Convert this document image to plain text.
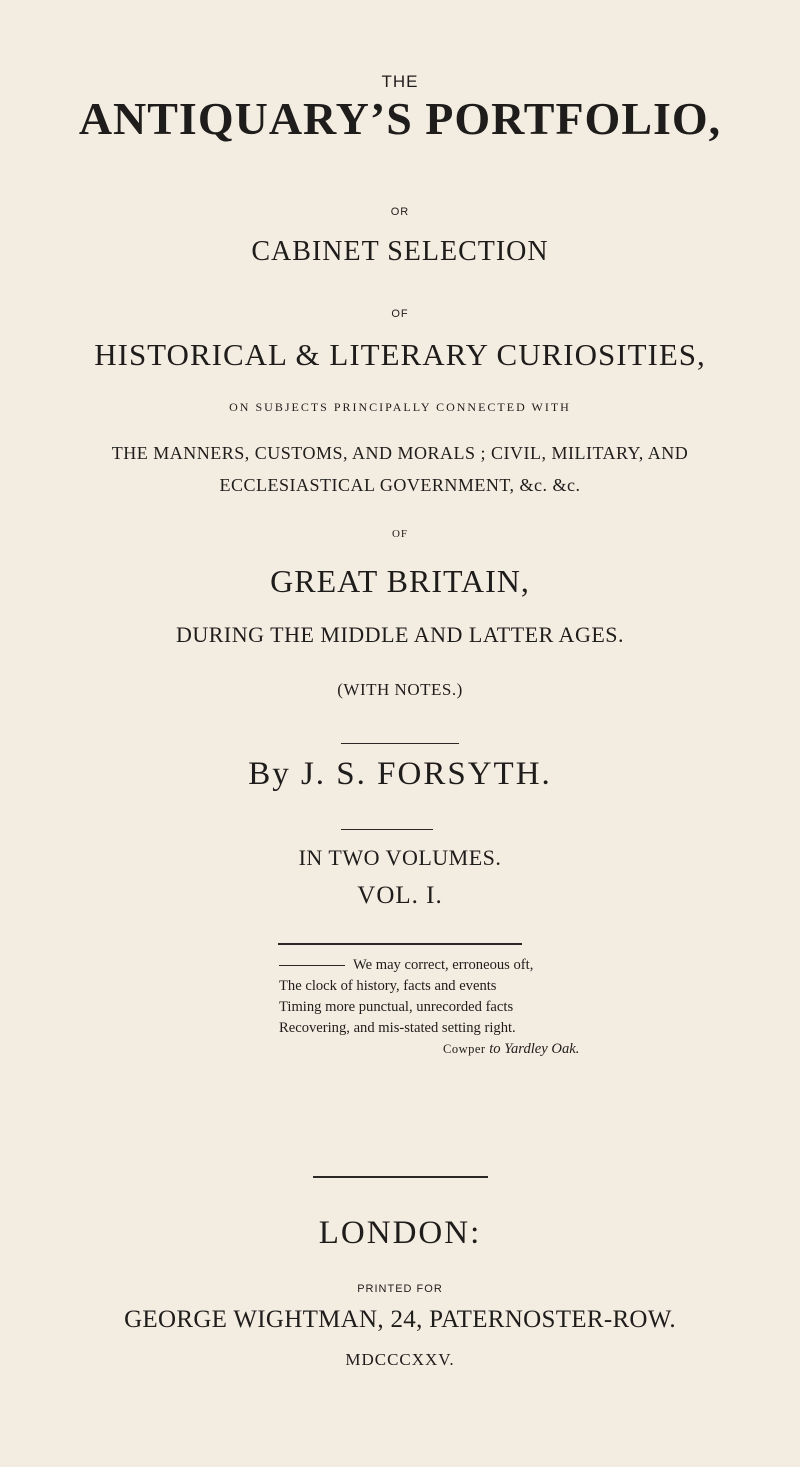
THE
ANTIQUARY’S PORTFOLIO,
OR
CABINET SELECTION
OF
HISTORICAL & LITERARY CURIOSITIES,
ON SUBJECTS PRINCIPALLY CONNECTED WITH
THE MANNERS, CUSTOMS, AND MORALS ; CIVIL, MILITARY, AND
ECCLESIASTICAL GOVERNMENT, &c. &c.
OF
GREAT BRITAIN,
DURING THE MIDDLE AND LATTER AGES.
(WITH NOTES.)
By J. S. FORSYTH.
IN TWO VOLUMES.
VOL. I.
We may correct, erroneous oft,
The clock of history, facts and events
Timing more punctual, unrecorded facts
Recovering, and mis-stated setting right.
Cowper to Yardley Oak.
LONDON:
PRINTED FOR
GEORGE WIGHTMAN, 24, PATERNOSTER-ROW.
MDCCCXXV.
